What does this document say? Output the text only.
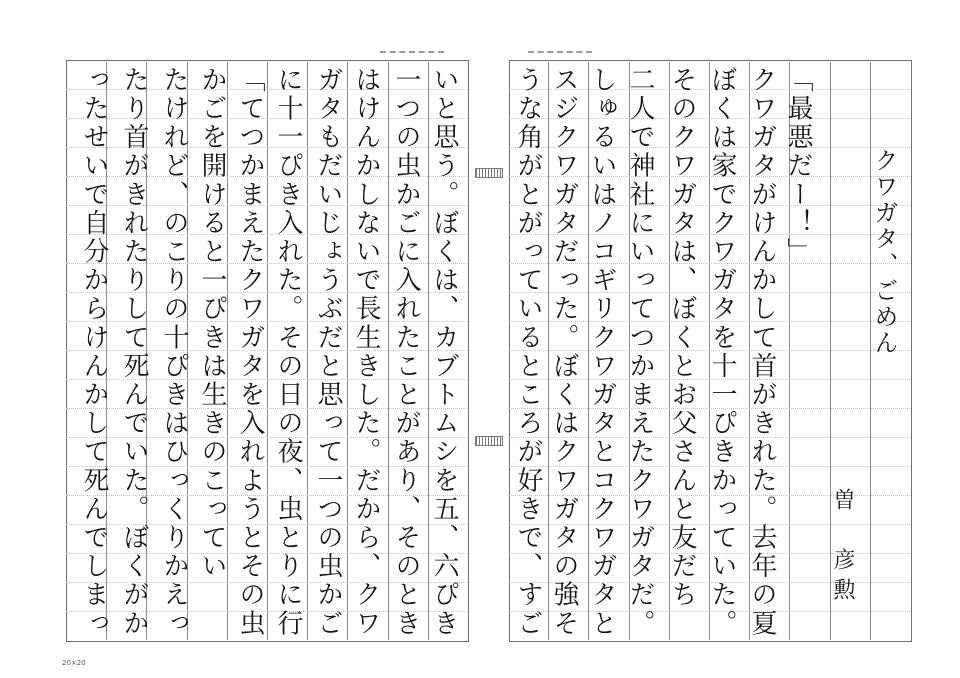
クワガタ、ごめん
曽　彦勲
「最悪だー！」
クワガタがけんかして首がきれた。去年の夏
ぼくは家でクワガタを十一ぴきかっていた。
そのクワガタは、ぼくとお父さんと友だち
二人で神社にいってつかまえたクワガタだ。
しゅるいはノコギリクワガタとコクワガタと
スジクワガタだった。ぼくはクワガタの強そ
うな角がとがっているところが好きで、すご
いと思う。ぼくは、カブトムシを五、六ぴき
一つの虫かごに入れたことがあり、そのとき
はけんかしないで長生きした。だから、クワ
ガタもだいじょうぶだと思って一つの虫かご
に十一ぴき入れた。その日の夜、虫とりに行
「てつかまえたクワガタを入れようとその虫
かごを開けると一ぴきは生きのこってい
たけれど、のこりの十ぴきはひっくりかえっ
たり首がきれたりして死んでいた。ぼくがか
ったせいで自分からけんかして死んでしまっ
20×20
